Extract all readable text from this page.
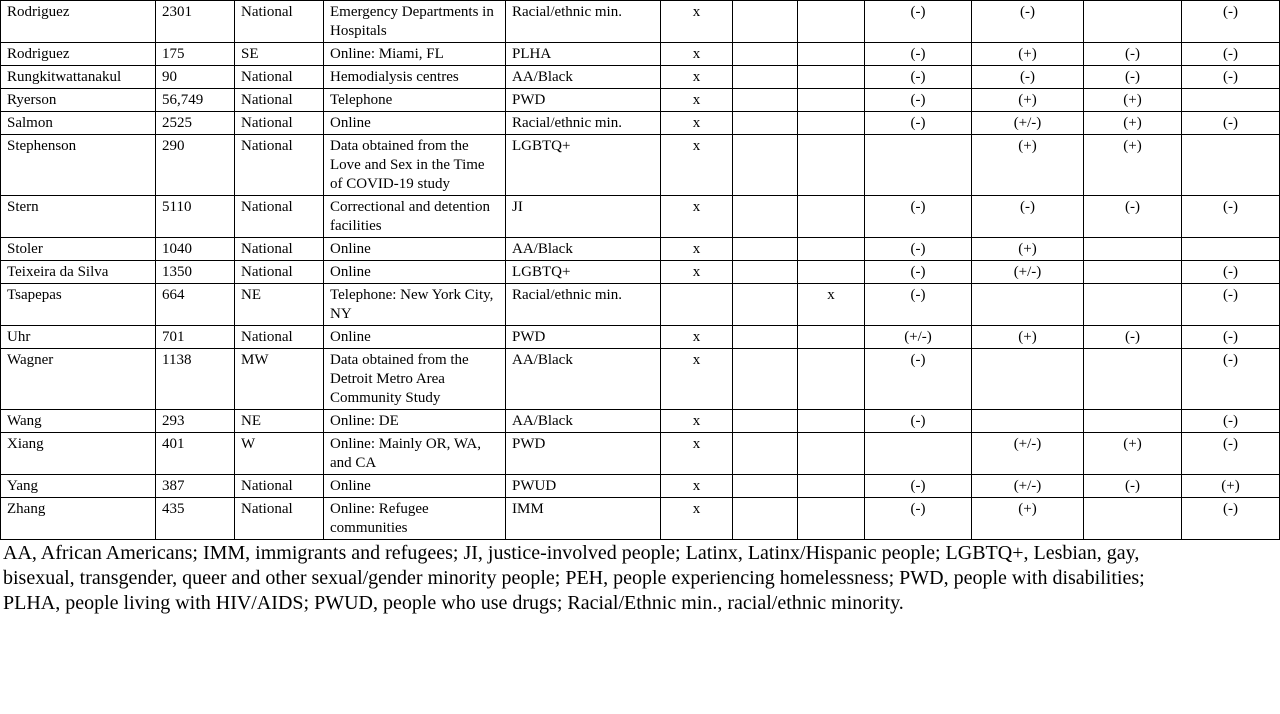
Rodriguez	2301	National	Emergency Departments in Hospitals	Racial/ethnic min.	x			(-)	(-)		(-)
Rodriguez	175	SE	Online: Miami, FL	PLHA	x			(-)	(+)	(-)	(-)
Rungkitwattanakul	90	National	Hemodialysis centres	AA/Black	x			(-)	(-)	(-)	(-)
Ryerson	56,749	National	Telephone	PWD	x			(-)	(+)	(+)	
Salmon	2525	National	Online	Racial/ethnic min.	x			(-)	(+/-)	(+)	(-)
Stephenson	290	National	Data obtained from the Love and Sex in the Time of COVID-19 study	LGBTQ+	x				(+)	(+)	
Stern	5110	National	Correctional and detention facilities	JI	x			(-)	(-)	(-)	(-)
Stoler	1040	National	Online	AA/Black	x			(-)	(+)		
Teixeira da Silva	1350	National	Online	LGBTQ+	x			(-)	(+/-)		(-)
Tsapepas	664	NE	Telephone: New York City, NY	Racial/ethnic min.			x	(-)			(-)
Uhr	701	National	Online	PWD	x			(+/-)	(+)	(-)	(-)
Wagner	1138	MW	Data obtained from the Detroit Metro Area Community Study	AA/Black	x			(-)			(-)
Wang	293	NE	Online: DE	AA/Black	x			(-)			(-)
Xiang	401	W	Online: Mainly OR, WA, and CA	PWD	x				(+/-)	(+)	(-)
Yang	387	National	Online	PWUD	x			(-)	(+/-)	(-)	(+)
Zhang	435	National	Online: Refugee communities	IMM	x			(-)	(+)		(-)
AA, African Americans; IMM, immigrants and refugees; JI, justice-involved people; Latinx, Latinx/Hispanic people; LGBTQ+, Lesbian, gay, bisexual, transgender, queer and other sexual/gender minority people; PEH, people experiencing homelessness; PWD, people with disabilities; PLHA, people living with HIV/AIDS; PWUD, people who use drugs; Racial/Ethnic min., racial/ethnic minority.
